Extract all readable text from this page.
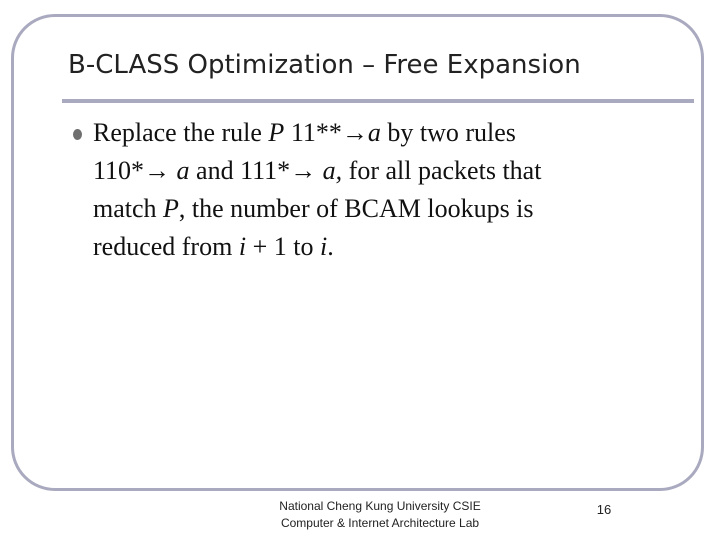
B-CLASS Optimization – Free Expansion
Replace the rule P 11**→a by two rules
110*→ a and 111*→ a, for all packets that
match P, the number of BCAM lookups is
reduced from i + 1 to i.
National Cheng Kung University CSIE
Computer & Internet Architecture Lab
16
